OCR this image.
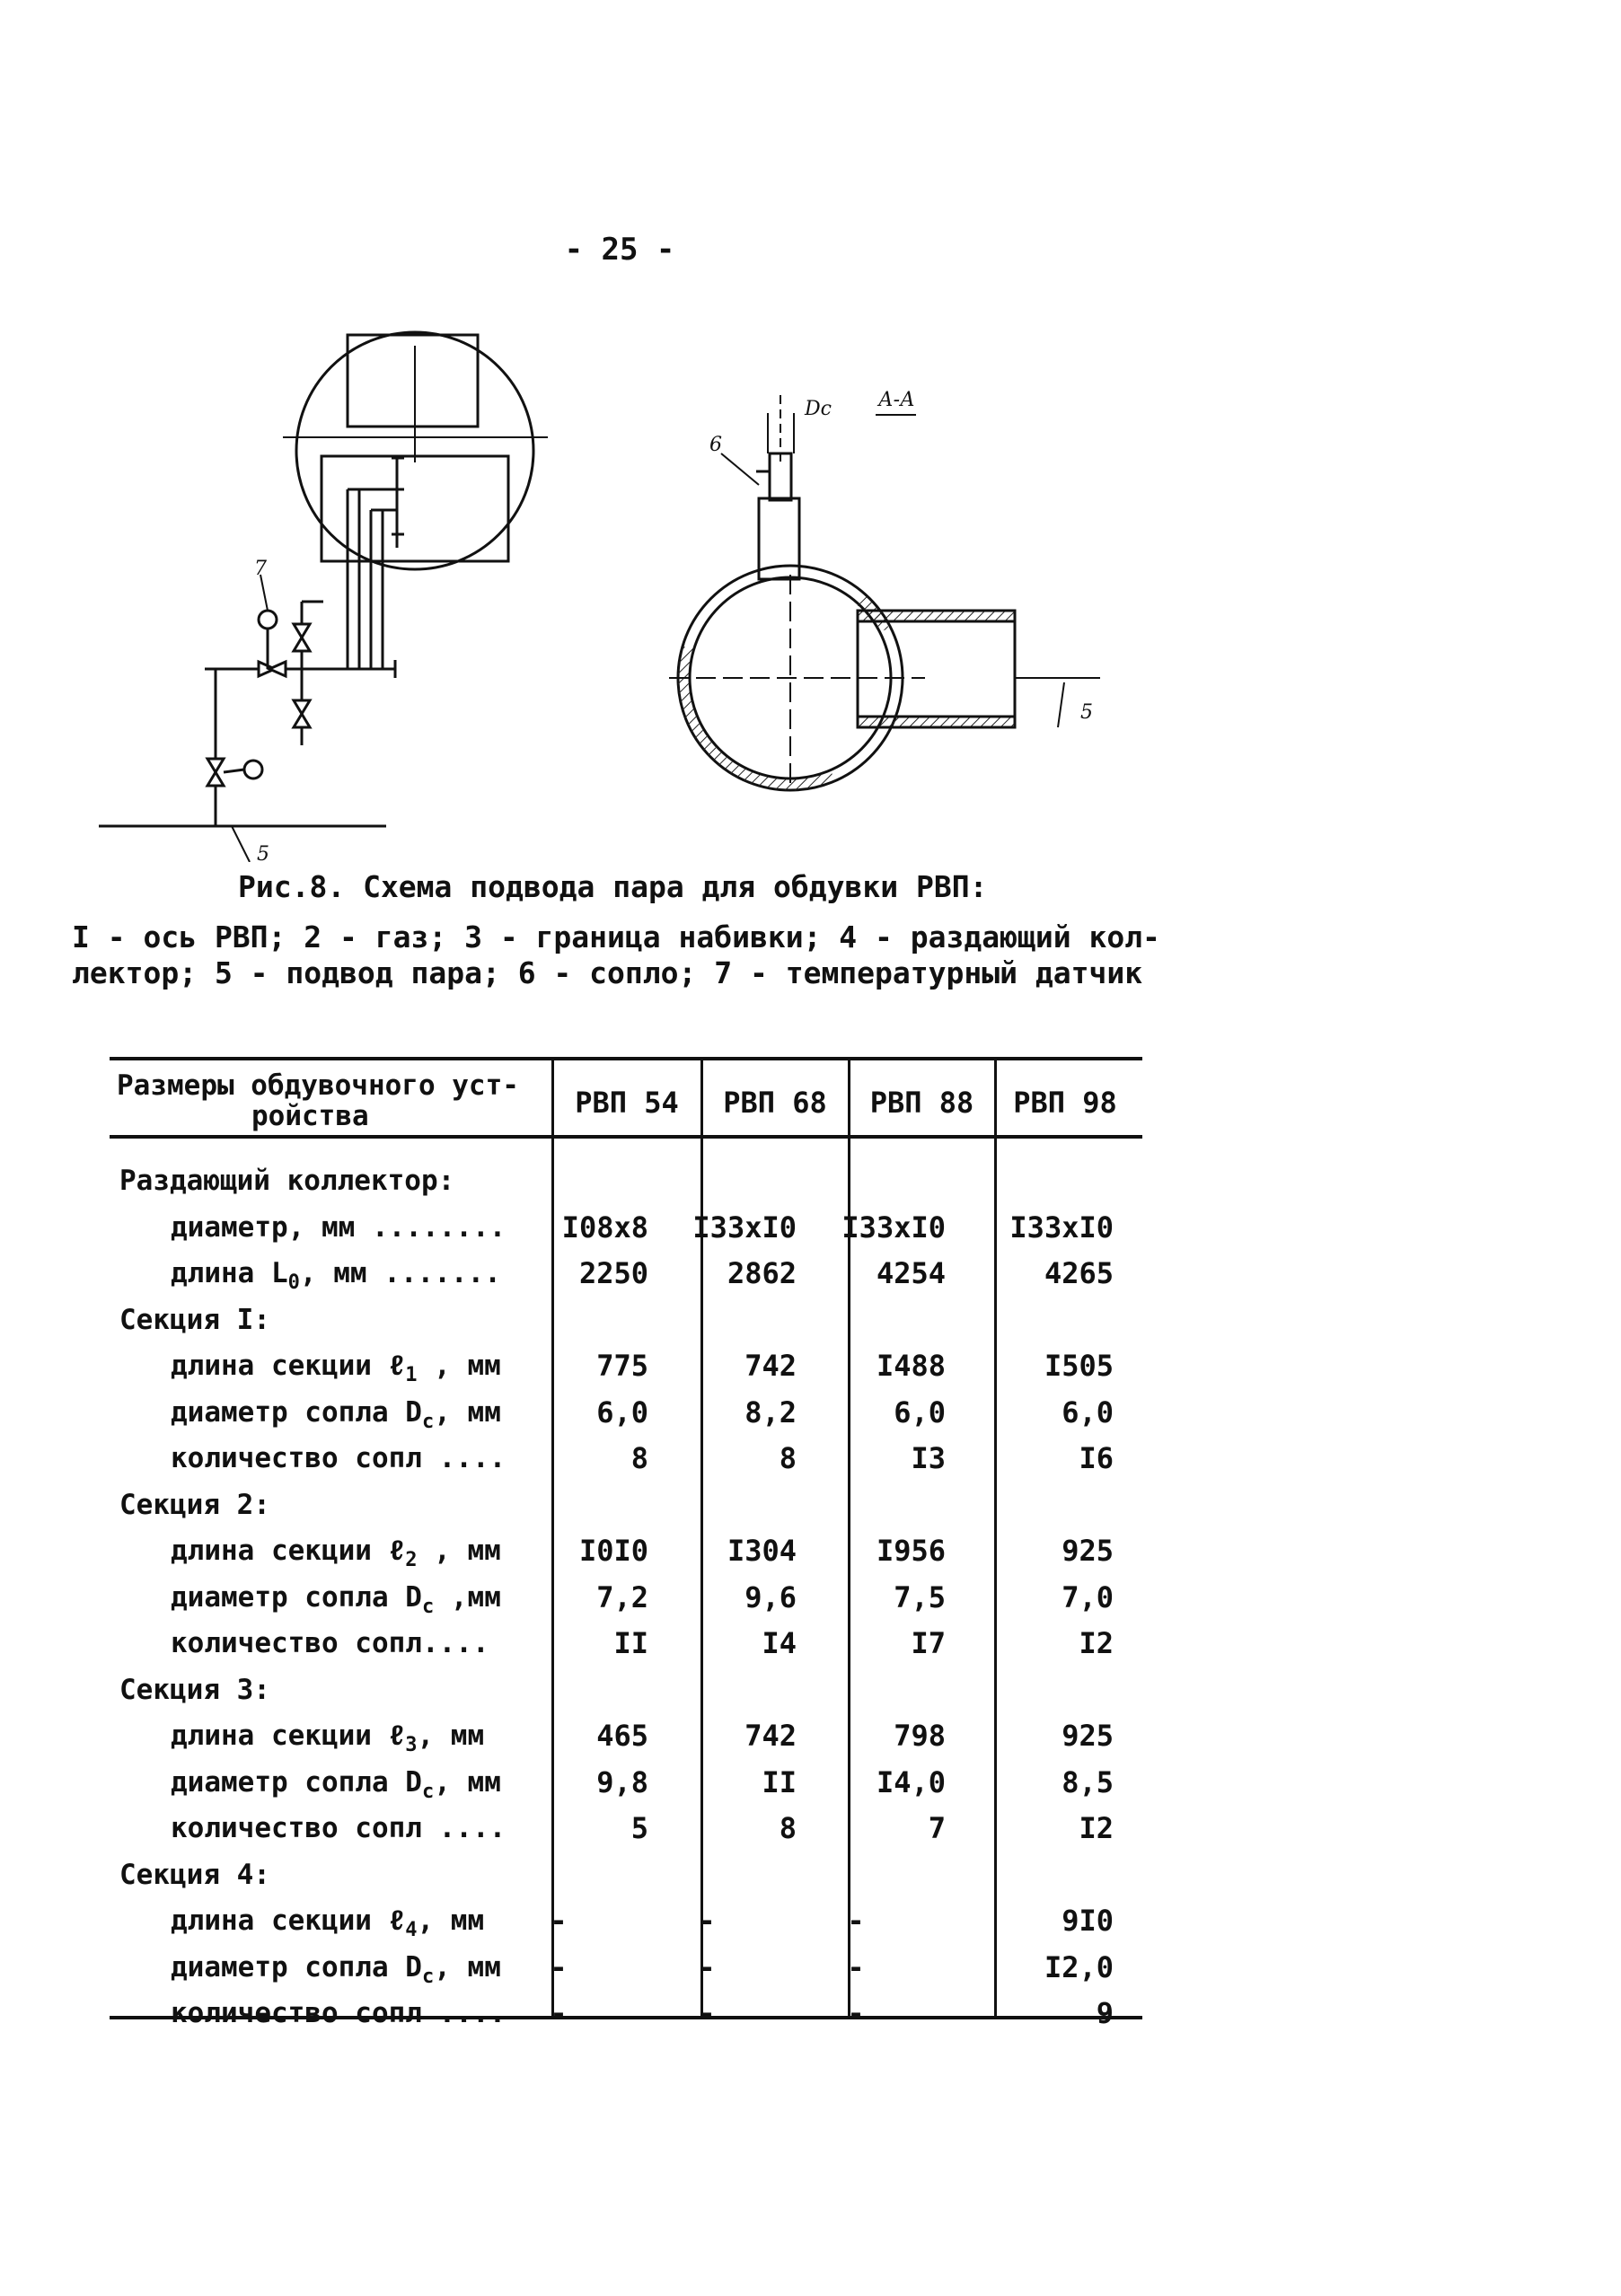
- 25 -
7
5
6
5
Dc А-А
Рис.8. Схема подвода пара для обдувки РВП:
I - ось РВП; 2 - газ; 3 - граница набивки; 4 - раздающий кол-
лектор; 5 - подвод пара; 6 - сопло; 7 - температурный датчик
Размеры обдувочного уст-
ройства	РВП 54	РВП 68	РВП 88	РВП 98
Раздающий коллектор:
диаметр, мм ........	I08x8	I33xI0	I33xI0	I33xI0
длина $L_0$, мм .......	2250	2862	4254	4265
Секция I:
длина секции ℓ$_1$ , мм	775	742	I488	I505
диаметр сопла $D_c$, мм	6,0	8,2	6,0	6,0
количество сопл ....	8	8	I3	I6
Секция 2:
длина секции ℓ$_2$ , мм	I0I0	I304	I956	925
диаметр сопла $D_c$ ,мм	7,2	9,6	7,5	7,0
количество сопл....	II	I4	I7	I2
Секция 3:
длина секции ℓ$_3$, мм	465	742	798	925
диаметр сопла $D_c$, мм	9,8	II	I4,0	8,5
количество сопл ....	5	8	7	I2
Секция 4:
длина секции ℓ$_4$, мм	-	-	-	9I0
диаметр сопла $D_c$, мм	-	-	-	I2,0
количество сопл ....	-	-	-	9
